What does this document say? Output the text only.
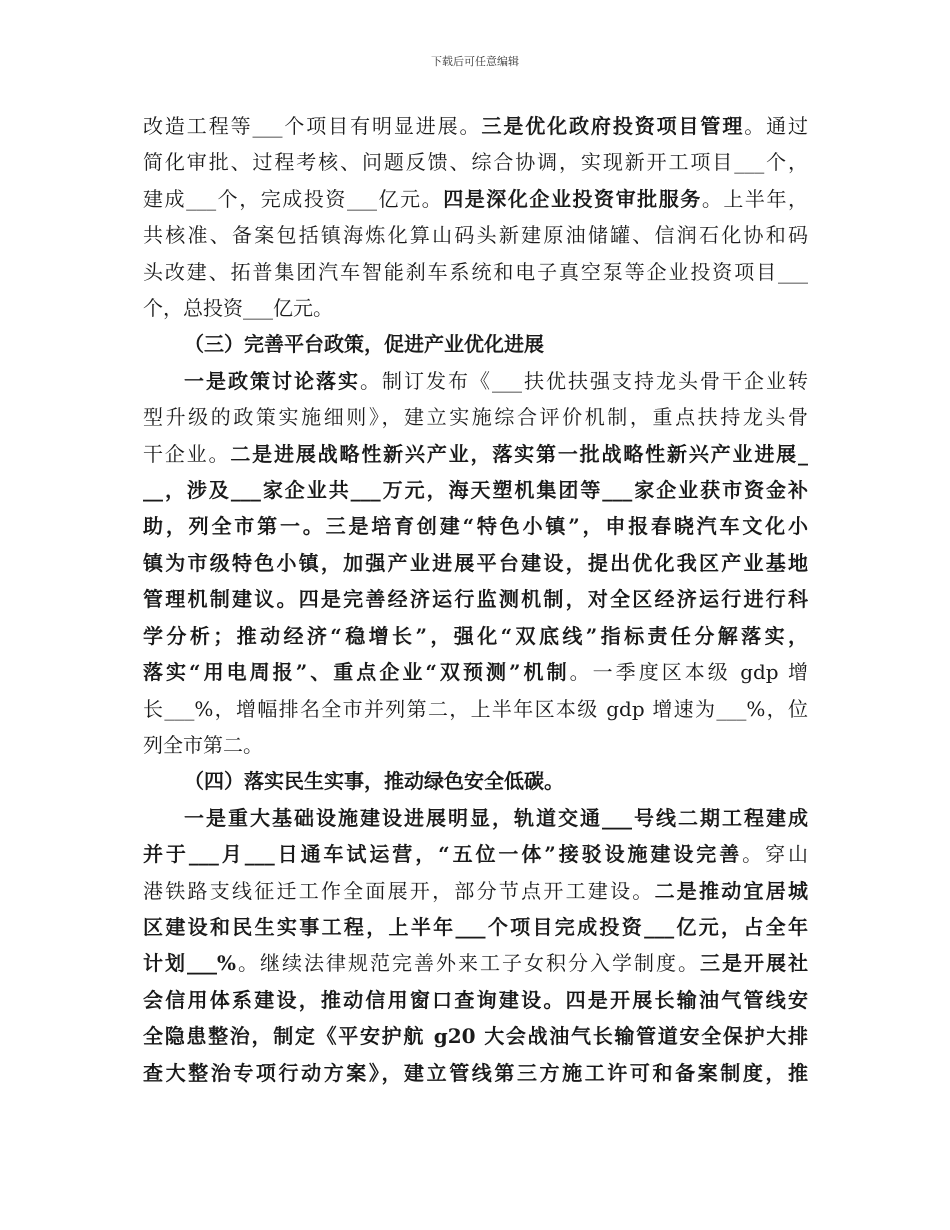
下载后可任意编辑
改造工程等___个项目有明显进展。三是优化政府投资项目管理。通过
简化审批、过程考核、问题反馈、综合协调，实现新开工项目___个，
建成___个，完成投资___亿元。四是深化企业投资审批服务。上半年，
共核准、备案包括镇海炼化算山码头新建原油储罐、信润石化协和码
头改建、拓普集团汽车智能刹车系统和电子真空泵等企业投资项目___
个，总投资___亿元。
（三）完善平台政策，促进产业优化进展
一是政策讨论落实。制订发布《___扶优扶强支持龙头骨干企业转
型升级的政策实施细则》，建立实施综合评价机制，重点扶持龙头骨
干企业。二是进展战略性新兴产业，落实第一批战略性新兴产业进展_
__，涉及___家企业共___万元，海天塑机集团等___家企业获市资金补
助，列全市第一。三是培育创建“特色小镇”，申报春晓汽车文化小
镇为市级特色小镇，加强产业进展平台建设，提出优化我区产业基地
管理机制建议。四是完善经济运行监测机制，对全区经济运行进行科
学分析；推动经济“稳增长”，强化“双底线”指标责任分解落实，
落实“用电周报”、重点企业“双预测”机制。一季度区本级 gdp 增
长___%，增幅排名全市并列第二，上半年区本级 gdp 增速为___%，位
列全市第二。
（四）落实民生实事，推动绿色安全低碳。
一是重大基础设施建设进展明显，轨道交通___号线二期工程建成
并于___月___日通车试运营，“五位一体”接驳设施建设完善。穿山
港铁路支线征迁工作全面展开，部分节点开工建设。二是推动宜居城
区建设和民生实事工程，上半年___个项目完成投资___亿元，占全年
计划___%。继续法律规范完善外来工子女积分入学制度。三是开展社
会信用体系建设，推动信用窗口查询建设。四是开展长输油气管线安
全隐患整治，制定《平安护航 g20 大会战油气长输管道安全保护大排
查大整治专项行动方案》，建立管线第三方施工许可和备案制度，推
